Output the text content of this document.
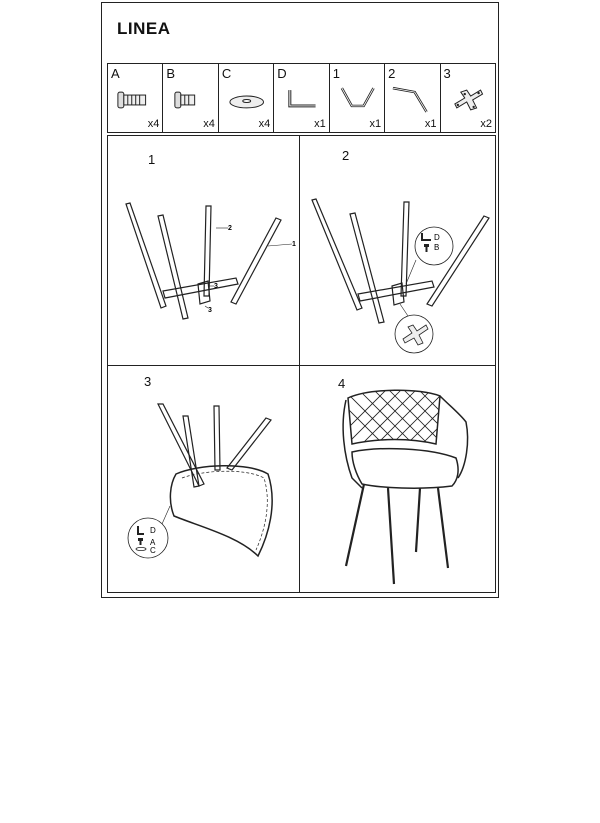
LINEA
A
x4
B
x4
C
x4
D
x1
1
x1
2
x1
3
x2
1
2
1
3
3
2
D
B
3
D
A
C
4
